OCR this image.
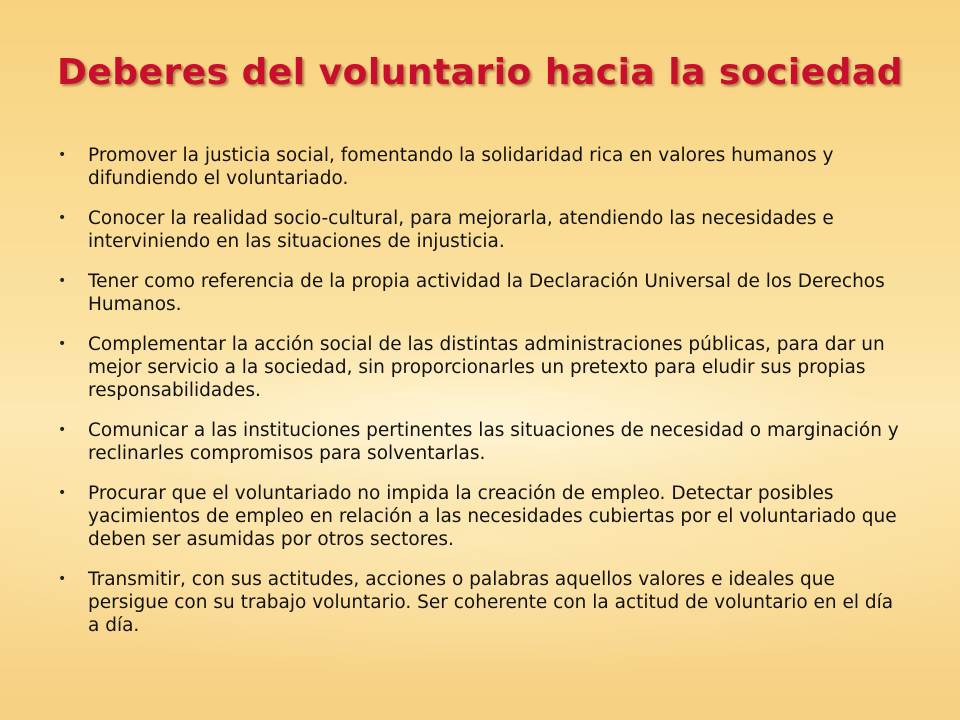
Deberes del voluntario hacia la sociedad
• Promover la justicia social, fomentando la solidaridad rica en valores humanos y difundiendo el voluntariado.
• Conocer la realidad socio-cultural, para mejorarla, atendiendo las necesidades e interviniendo en las situaciones de injusticia.
• Tener como referencia de la propia actividad la Declaración Universal de los Derechos Humanos.
• Complementar la acción social de las distintas administraciones públicas, para dar un mejor servicio a la sociedad, sin proporcionarles un pretexto para eludir sus propias responsabilidades.
• Comunicar a las instituciones pertinentes las situaciones de necesidad o marginación y reclinarles compromisos para solventarlas.
• Procurar que el voluntariado no impida la creación de empleo. Detectar posibles yacimientos de empleo en relación a las necesidades cubiertas por el voluntariado que deben ser asumidas por otros sectores.
• Transmitir, con sus actitudes, acciones o palabras aquellos valores e ideales que persigue con su trabajo voluntario. Ser coherente con la actitud de voluntario en el día a día.
